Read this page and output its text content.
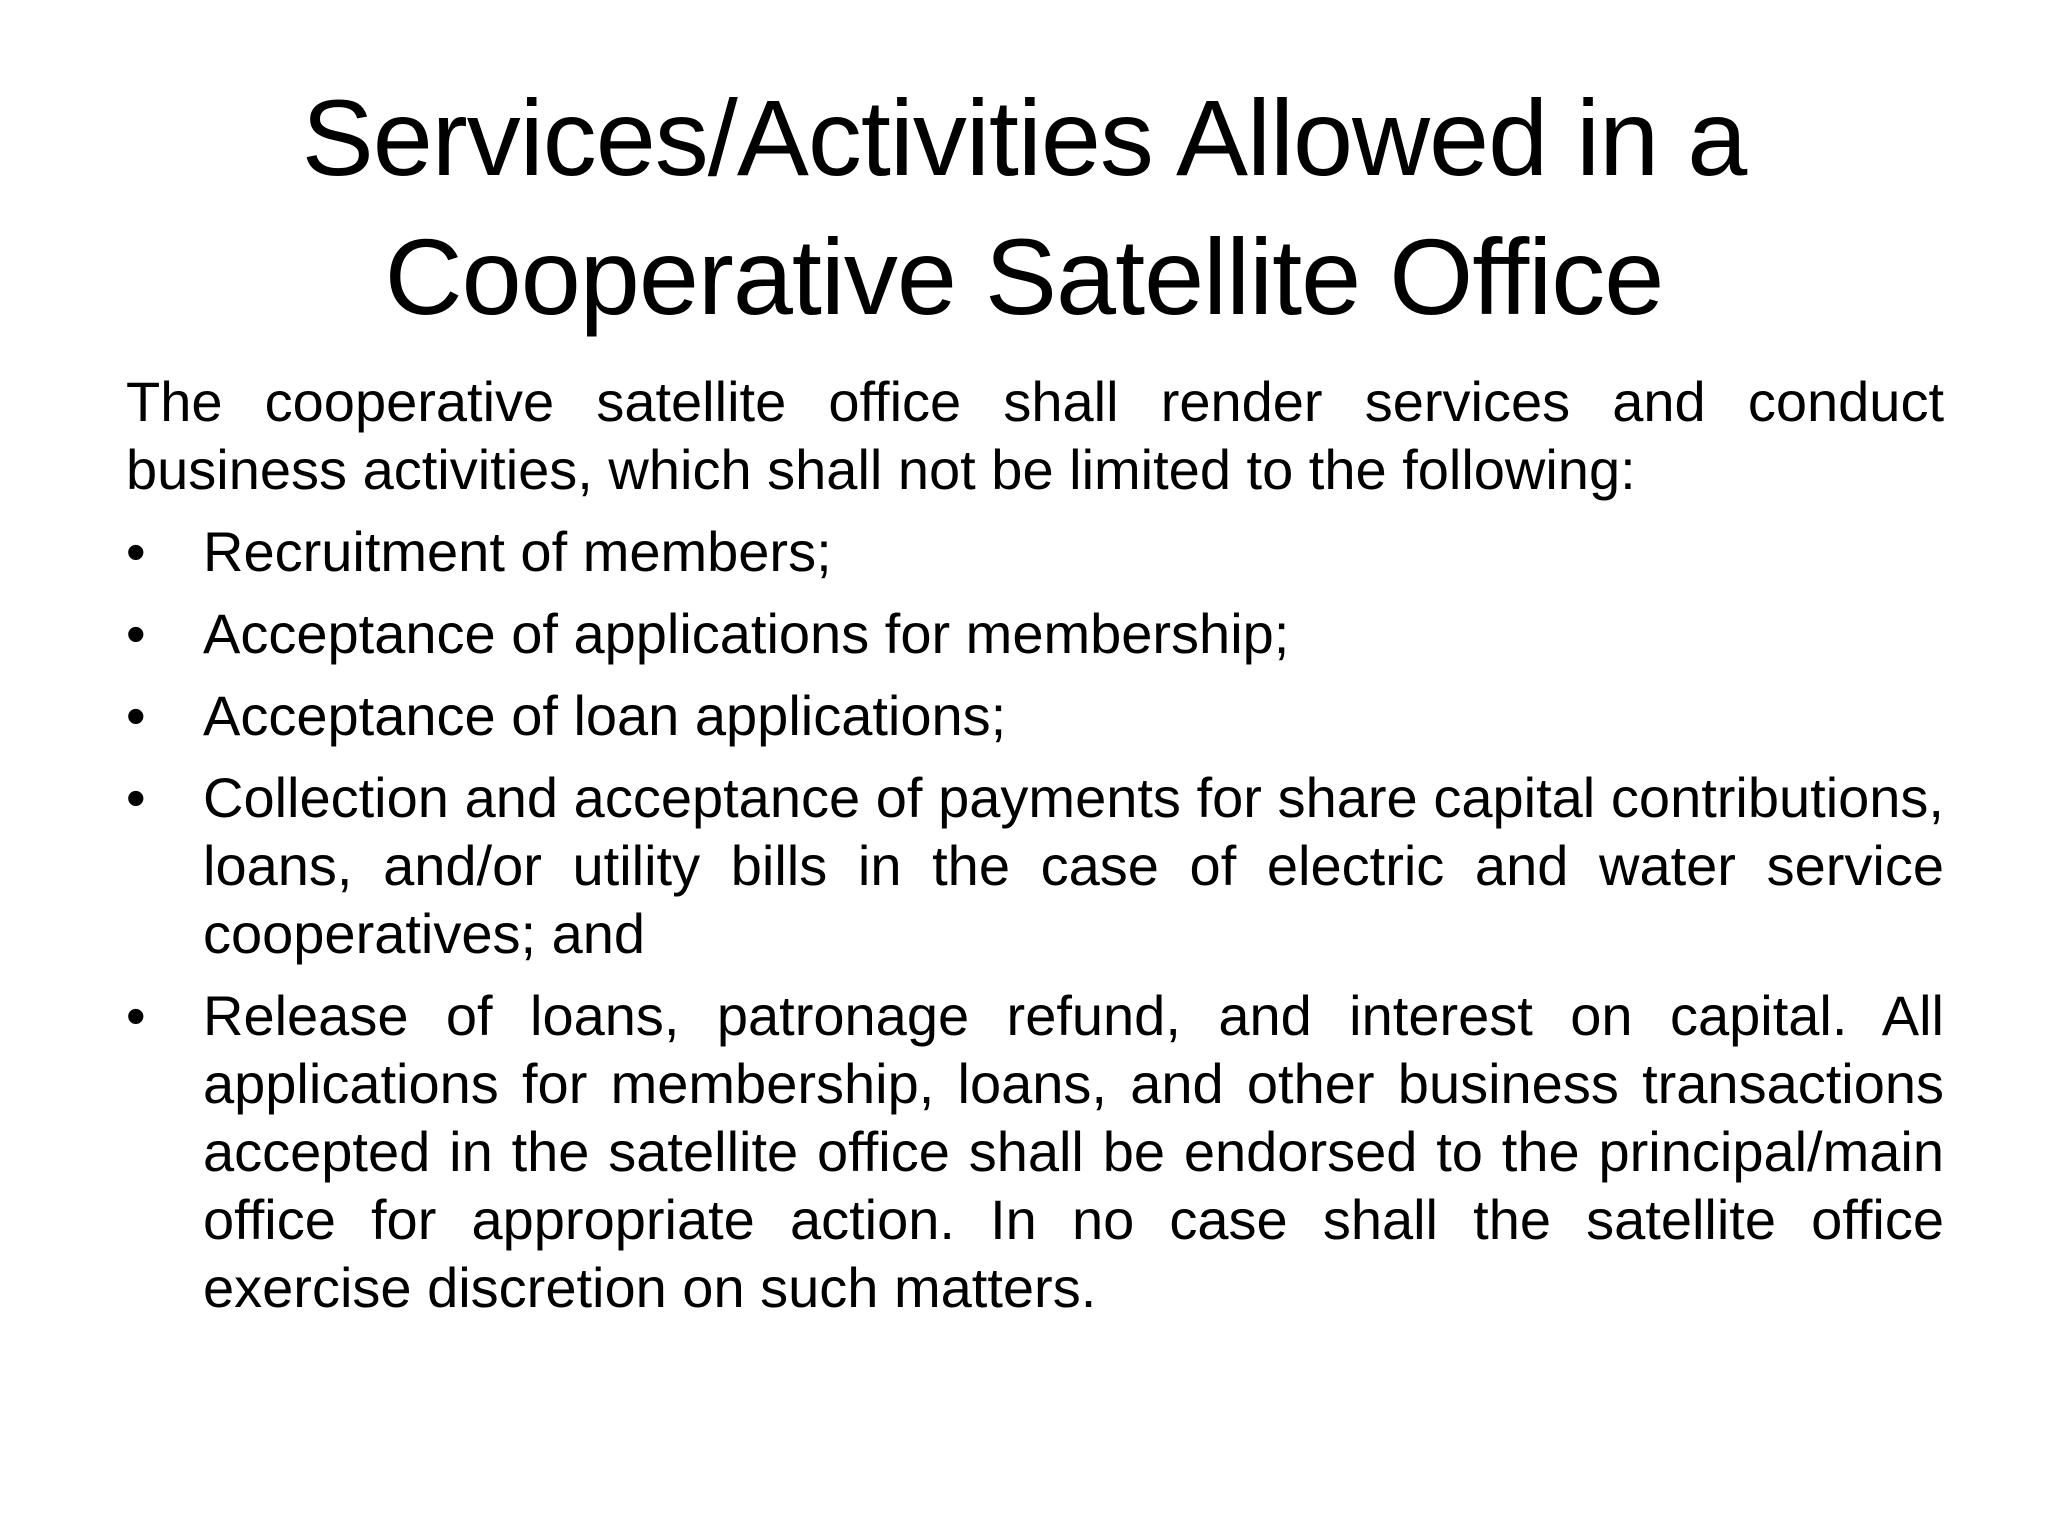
Services/Activities Allowed in a Cooperative Satellite Office

The cooperative satellite office shall render services and conduct business activities, which shall not be limited to the following:

•	Recruitment of members;
•	Acceptance of applications for membership;
•	Acceptance of loan applications;
•	Collection and acceptance of payments for share capital contributions, loans, and/or utility bills in the case of electric and water service cooperatives; and
•	Release of loans, patronage refund, and interest on capital. All applications for membership, loans, and other business transactions accepted in the satellite office shall be endorsed to the principal/main office for appropriate action. In no case shall the satellite office exercise discretion on such matters.
